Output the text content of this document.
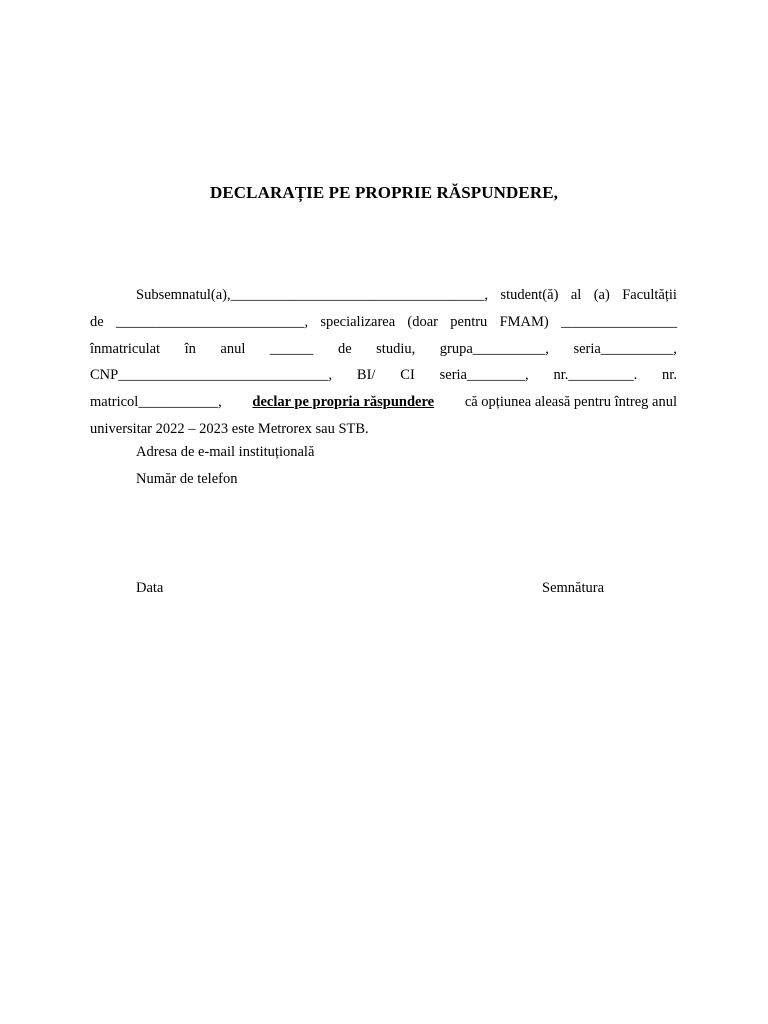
DECLARAȚIE PE PROPRIE RĂSPUNDERE,
Subsemnatul(a),___________________________________, student(ă) al (a) Facultății
de __________________________, specializarea (doar pentru FMAM) ________________
înmatriculat în anul ______ de studiu, grupa__________, seria__________,
CNP_____________________________, BI/ CI seria________, nr._________. nr.
matricol___________, declar pe propria răspundere că opțiunea aleasă pentru întreg anul
universitar 2022 – 2023 este Metrorex sau STB.
Adresa de e-mail instituțională
Număr de telefon
Data	Semnătura
